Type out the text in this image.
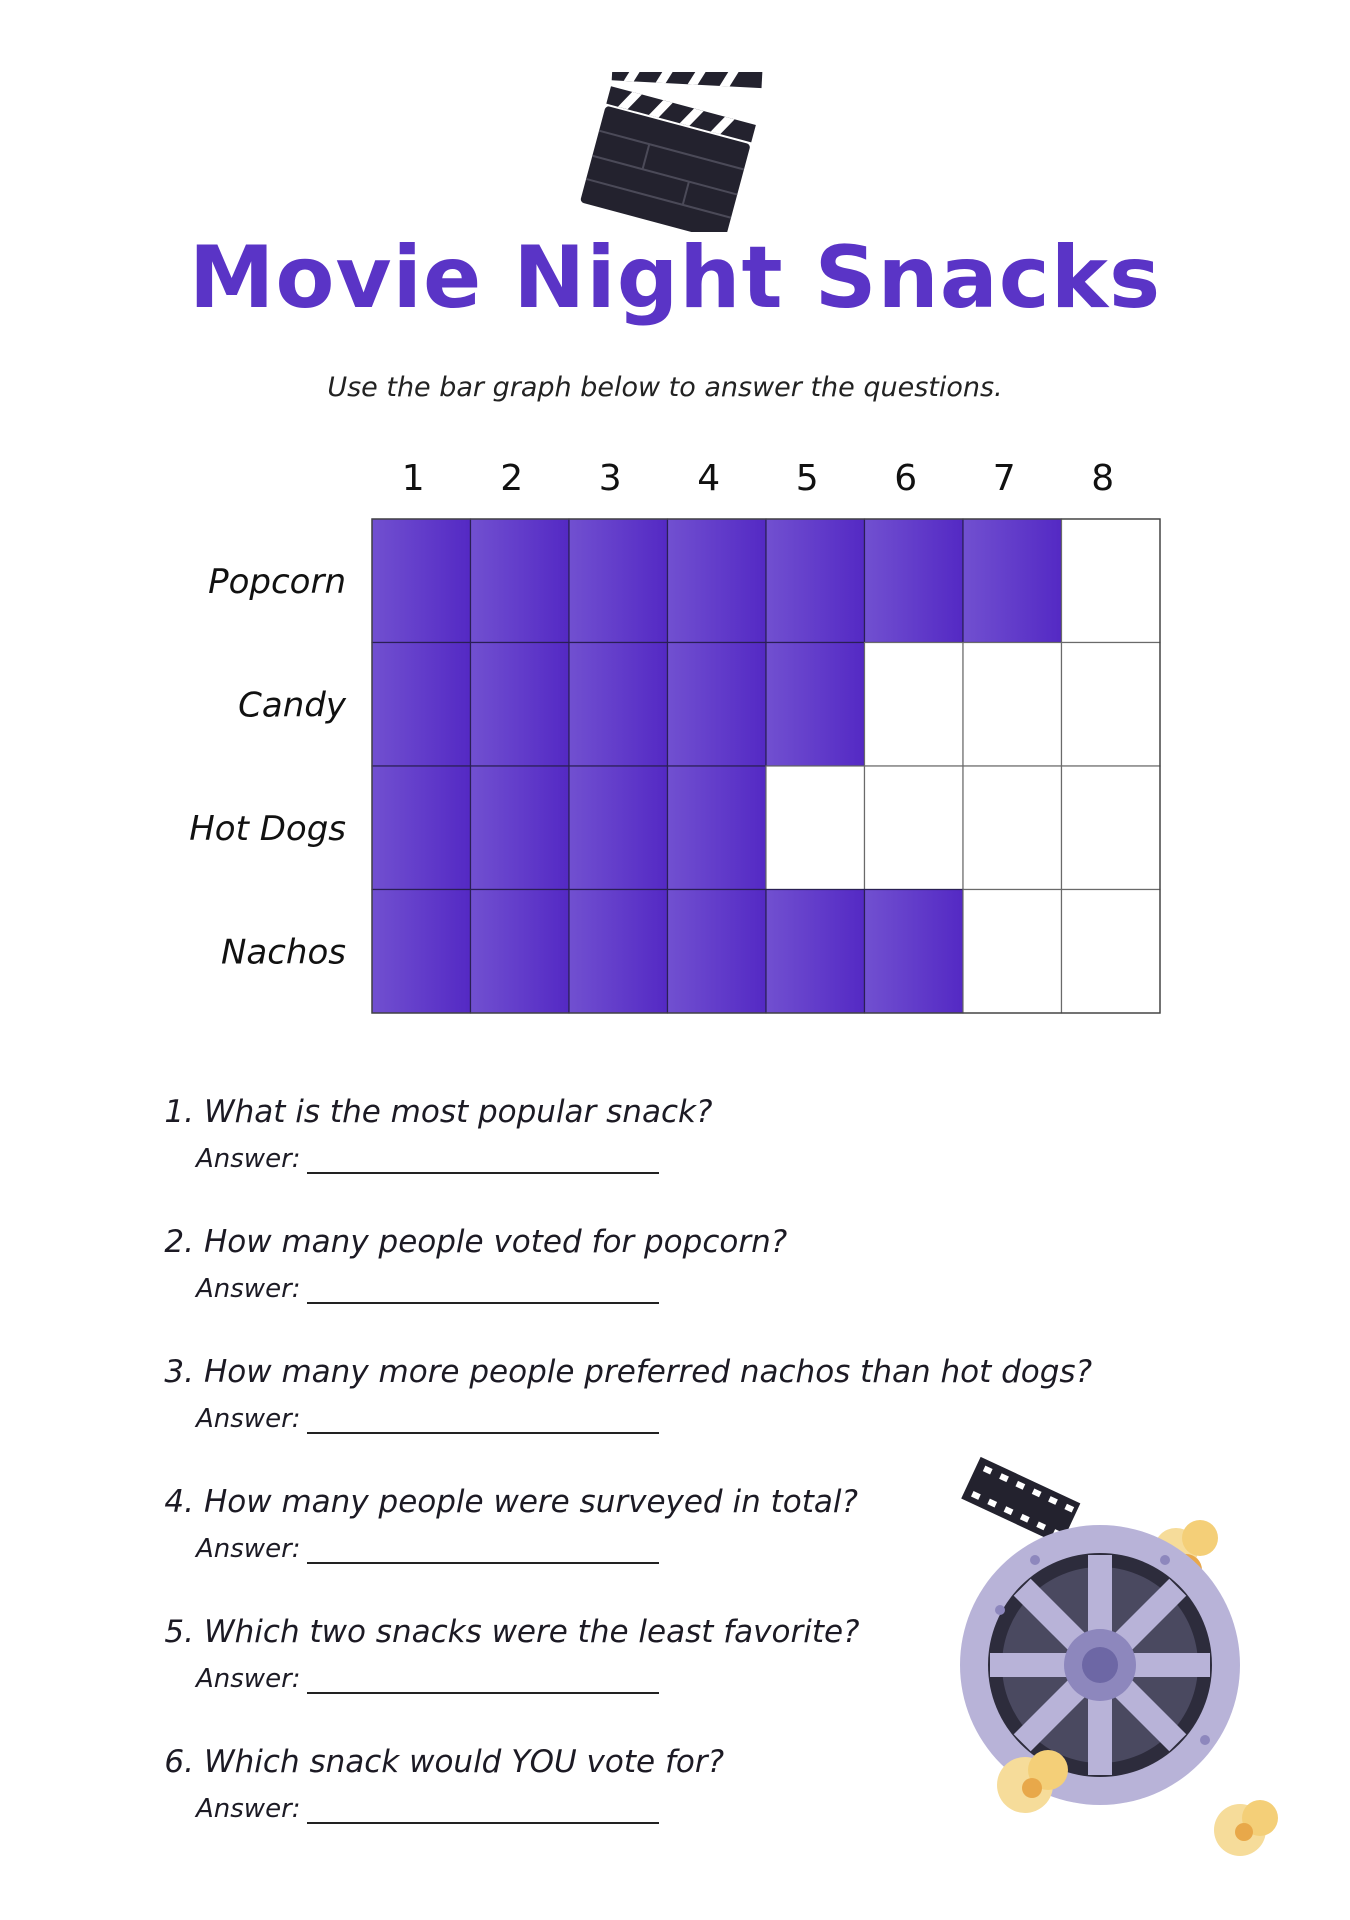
Movie Night Snacks
Use the bar graph below to answer the questions.
1 2 3 4 5 6 7 8
Popcorn
Candy
Hot Dogs
Nachos
1. What is the most popular snack?
Answer:
2. How many people voted for popcorn?
Answer:
3. How many more people preferred nachos than hot dogs?
Answer:
4. How many people were surveyed in total?
Answer:
5. Which two snacks were the least favorite?
Answer:
6. Which snack would YOU vote for?
Answer:
